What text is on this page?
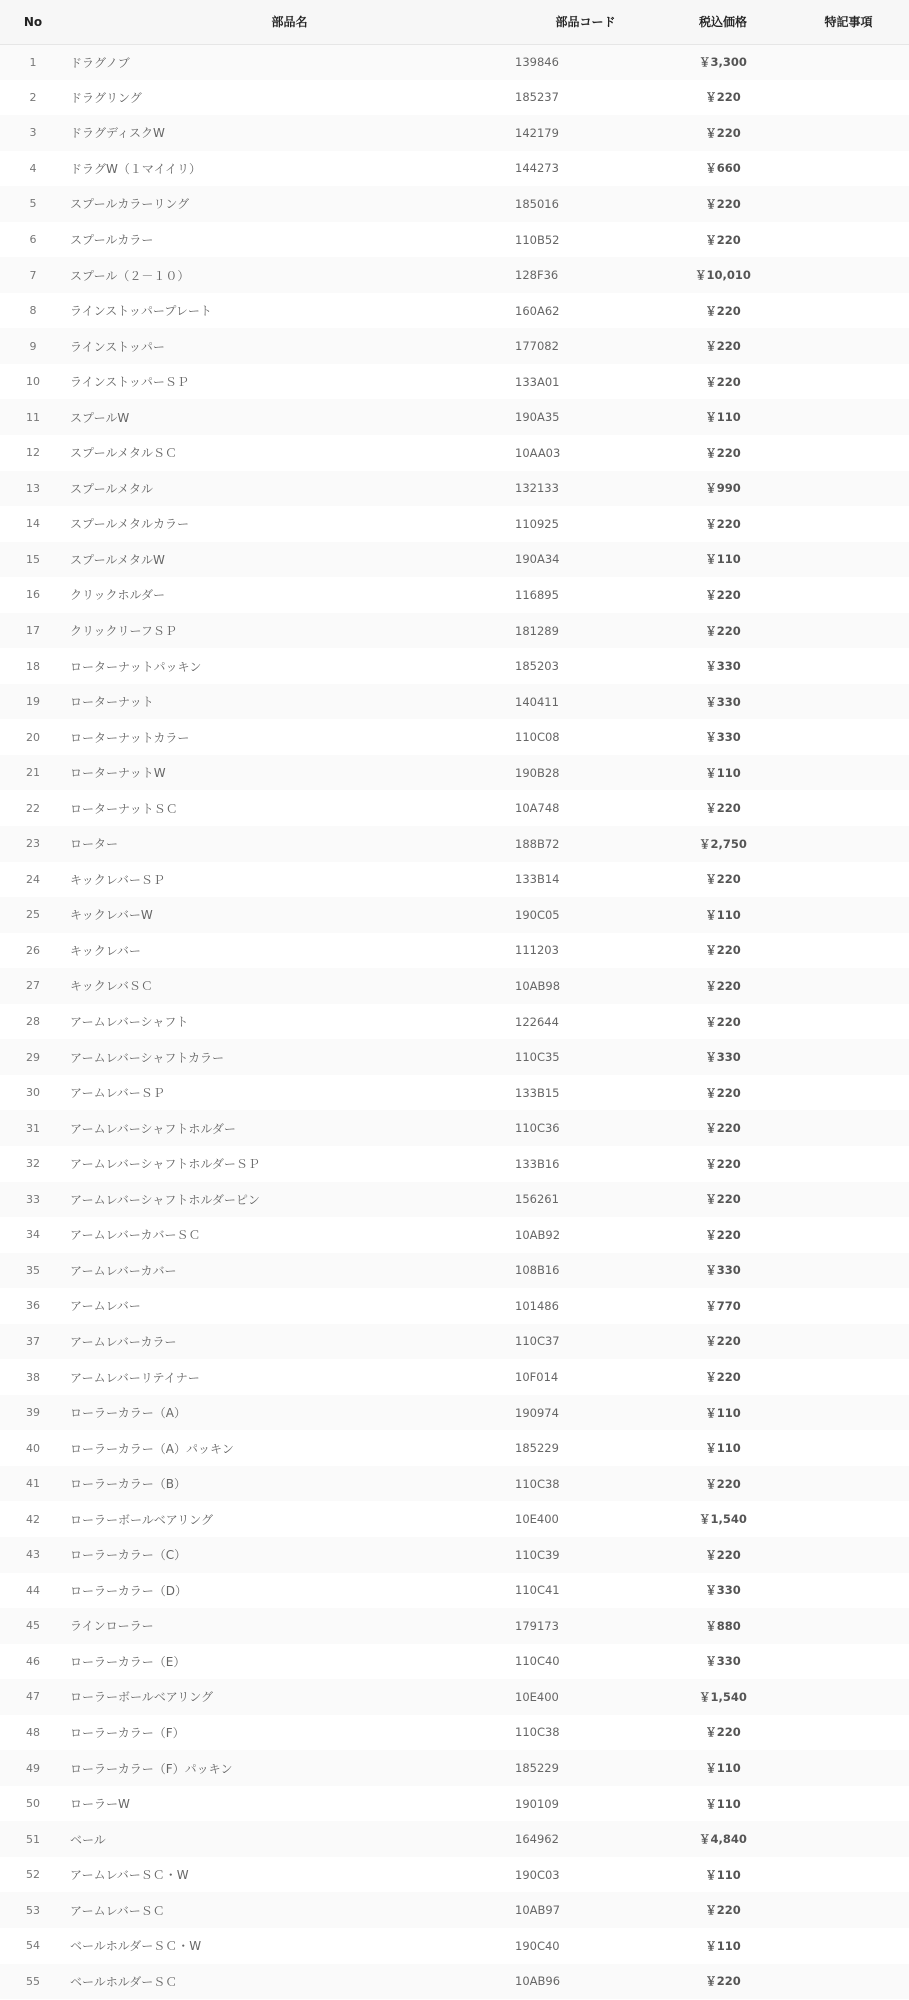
No	部品名	部品コード	税込価格	特記事項
1	ドラグノブ	139846	￥3,300	
2	ドラグリング	185237	￥220	
3	ドラグディスクW	142179	￥220	
4	ドラグW（１マイイリ）	144273	￥660	
5	スプールカラーリング	185016	￥220	
6	スプールカラー	110B52	￥220	
7	スプール（２－１０）	128F36	￥10,010	
8	ラインストッパープレート	160A62	￥220	
9	ラインストッパー	177082	￥220	
10	ラインストッパーＳＰ	133A01	￥220	
11	スプールW	190A35	￥110	
12	スプールメタルＳＣ	10AA03	￥220	
13	スプールメタル	132133	￥990	
14	スプールメタルカラー	110925	￥220	
15	スプールメタルW	190A34	￥110	
16	クリックホルダー	116895	￥220	
17	クリックリーフＳＰ	181289	￥220	
18	ローターナットパッキン	185203	￥330	
19	ローターナット	140411	￥330	
20	ローターナットカラー	110C08	￥330	
21	ローターナットW	190B28	￥110	
22	ローターナットＳＣ	10A748	￥220	
23	ローター	188B72	￥2,750	
24	キックレバーＳＰ	133B14	￥220	
25	キックレバーW	190C05	￥110	
26	キックレバー	111203	￥220	
27	キックレバＳＣ	10AB98	￥220	
28	アームレバーシャフト	122644	￥220	
29	アームレバーシャフトカラー	110C35	￥330	
30	アームレバーＳＰ	133B15	￥220	
31	アームレバーシャフトホルダー	110C36	￥220	
32	アームレバーシャフトホルダーＳＰ	133B16	￥220	
33	アームレバーシャフトホルダーピン	156261	￥220	
34	アームレバーカバーＳＣ	10AB92	￥220	
35	アームレバーカバー	108B16	￥330	
36	アームレバー	101486	￥770	
37	アームレバーカラー	110C37	￥220	
38	アームレバーリテイナー	10F014	￥220	
39	ローラーカラー（A）	190974	￥110	
40	ローラーカラー（A）パッキン	185229	￥110	
41	ローラーカラー（B）	110C38	￥220	
42	ローラーボールベアリング	10E400	￥1,540	
43	ローラーカラー（C）	110C39	￥220	
44	ローラーカラー（D）	110C41	￥330	
45	ラインローラー	179173	￥880	
46	ローラーカラー（E）	110C40	￥330	
47	ローラーボールベアリング	10E400	￥1,540	
48	ローラーカラー（F）	110C38	￥220	
49	ローラーカラー（F）パッキン	185229	￥110	
50	ローラーW	190109	￥110	
51	ベール	164962	￥4,840	
52	アームレバーＳＣ・W	190C03	￥110	
53	アームレバーＳＣ	10AB97	￥220	
54	ベールホルダーＳＣ・W	190C40	￥110	
55	ベールホルダーＳＣ	10AB96	￥220	
